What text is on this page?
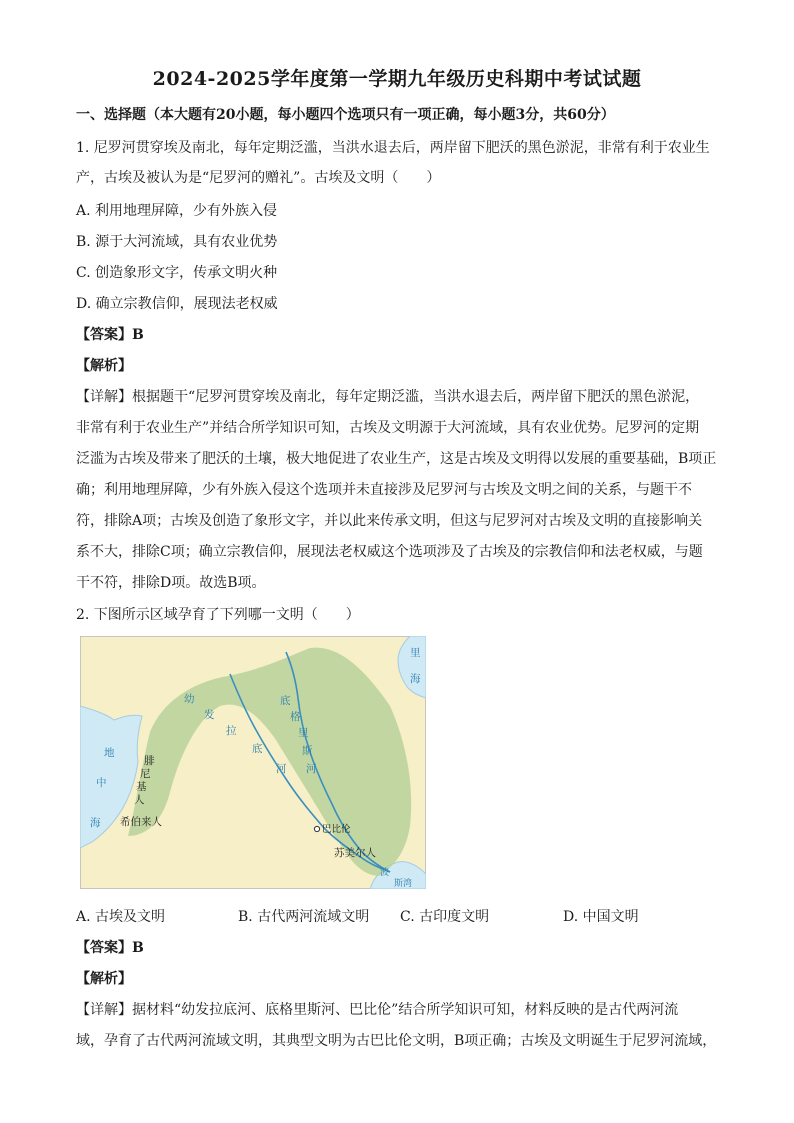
2024-2025学年度第一学期九年级历史科期中考试试题
一、选择题（本大题有20小题，每小题四个选项只有一项正确，每小题3分，共60分）
1. 尼罗河贯穿埃及南北，每年定期泛滥，当洪水退去后，两岸留下肥沃的黑色淤泥，非常有利于农业生
产，古埃及被认为是“尼罗河的赠礼”。古埃及文明（　　）
A. 利用地理屏障，少有外族入侵
B. 源于大河流域，具有农业优势
C. 创造象形文字，传承文明火种
D. 确立宗教信仰，展现法老权威
【答案】B
【解析】
【详解】根据题干“尼罗河贯穿埃及南北，每年定期泛滥，当洪水退去后，两岸留下肥沃的黑色淤泥，
非常有利于农业生产”并结合所学知识可知，古埃及文明源于大河流域，具有农业优势。尼罗河的定期
泛滥为古埃及带来了肥沃的土壤，极大地促进了农业生产，这是古埃及文明得以发展的重要基础，B项正
确；利用地理屏障，少有外族入侵这个选项并未直接涉及尼罗河与古埃及文明之间的关系，与题干不
符，排除A项；古埃及创造了象形文字，并以此来传承文明，但这与尼罗河对古埃及文明的直接影响关
系不大，排除C项；确立宗教信仰，展现法老权威这个选项涉及了古埃及的宗教信仰和法老权威，与题
干不符，排除D项。故选B项。
2. 下图所示区域孕育了下列哪一文明（　　）
里
海
地
中
海
腓
尼
基
人
希伯来人
幼
发
拉
底
河
底
格
里
斯
河
巴比伦
苏美尔人
波
斯湾
A. 古埃及文明	B. 古代两河流域文明 C. 古印度文明	D. 中国文明
【答案】B
【解析】
【详解】据材料“幼发拉底河、底格里斯河、巴比伦”结合所学知识可知，材料反映的是古代两河流
域，孕育了古代两河流域文明，其典型文明为古巴比伦文明，B项正确；古埃及文明诞生于尼罗河流域，
